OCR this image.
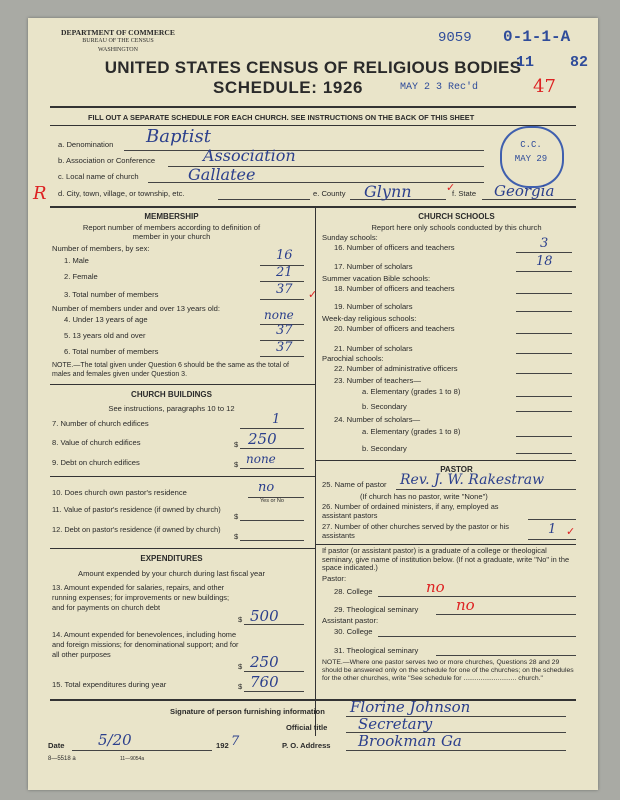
DEPARTMENT OF COMMERCE
BUREAU OF THE CENSUS
WASHINGTON
9059 0-1-1-A
11    82
UNITED STATES CENSUS OF RELIGIOUS BODIES
SCHEDULE: 1926	MAY 2 3 Rec'd	47
FILL OUT A SEPARATE SCHEDULE FOR EACH CHURCH. SEE INSTRUCTIONS ON THE BACK OF THIS SHEET
C.C.
MAY 29
a. Denomination Baptist
b. Association or Conference	Association
c. Local name of church	Gallatee
R d. City, town, village, or township, etc.	e. County Glynn	f. State Georgia
MEMBERSHIP
Report number of members according to definition of
member in your church
Number of members, by sex:
1. Male	16
2. Female	21
3. Total number of members	37
Number of members under and over 13 years old:
4. Under 13 years of age	none
5. 13 years old and over	37
6. Total number of members	37
NOTE.—The total given under Question 6 should be the same as the total of males and females given under Question 3.
CHURCH BUILDINGS
See instructions, paragraphs 10 to 12
7. Number of church edifices	1
8. Value of church edifices	$ 250
9. Debt on church edifices	$ none
10. Does church own pastor's residence	no
Yes or No
11. Value of pastor's residence (if owned by church)
$
12. Debt on pastor's residence (if owned by church)
$
EXPENDITURES
Amount expended by your church during last fiscal year
13. Amount expended for salaries, repairs, and other running expenses; for improvements or new buildings; and for payments on church debt
$ 500
14. Amount expended for benevolences, including home and foreign missions; for denominational support; and for all other purposes
$ 250
15. Total expenditures during year	$ 760
CHURCH SCHOOLS
Report here only schools conducted by this church
Sunday schools:
16. Number of officers and teachers	3
17. Number of scholars	18
Summer vacation Bible schools:
18. Number of officers and teachers
19. Number of scholars
Week-day religious schools:
20. Number of officers and teachers
21. Number of scholars
Parochial schools:
22. Number of administrative officers
23. Number of teachers—
a. Elementary (grades 1 to 8)
b. Secondary
24. Number of scholars—
a. Elementary (grades 1 to 8)
b. Secondary
PASTOR
25. Name of pastor Rev. J. W. Rakestraw
(If church has no pastor, write "None")
26. Number of ordained ministers, if any, employed as assistant pastors
27. Number of other churches served by the pastor or his assistants	1
If pastor (or assistant pastor) is a graduate of a college or theological seminary, give name of institution below. (If not a graduate, write "No" in the space indicated.)
Pastor:
28. College	no
29. Theological seminary	no
Assistant pastor:
30. College
31. Theological seminary
NOTE.—Where one pastor serves two or more churches, Questions 28 and 29 should be answered only on the schedule for one of the churches; on the schedules for the other churches, write "See schedule for ............................ church."
Signature of person furnishing information Florine Johnson
Official title Secretary
Date 5/20	192 7	P. O. Address Brookman Ga
8—5518 a	11—9054a
✓
✓
✓
